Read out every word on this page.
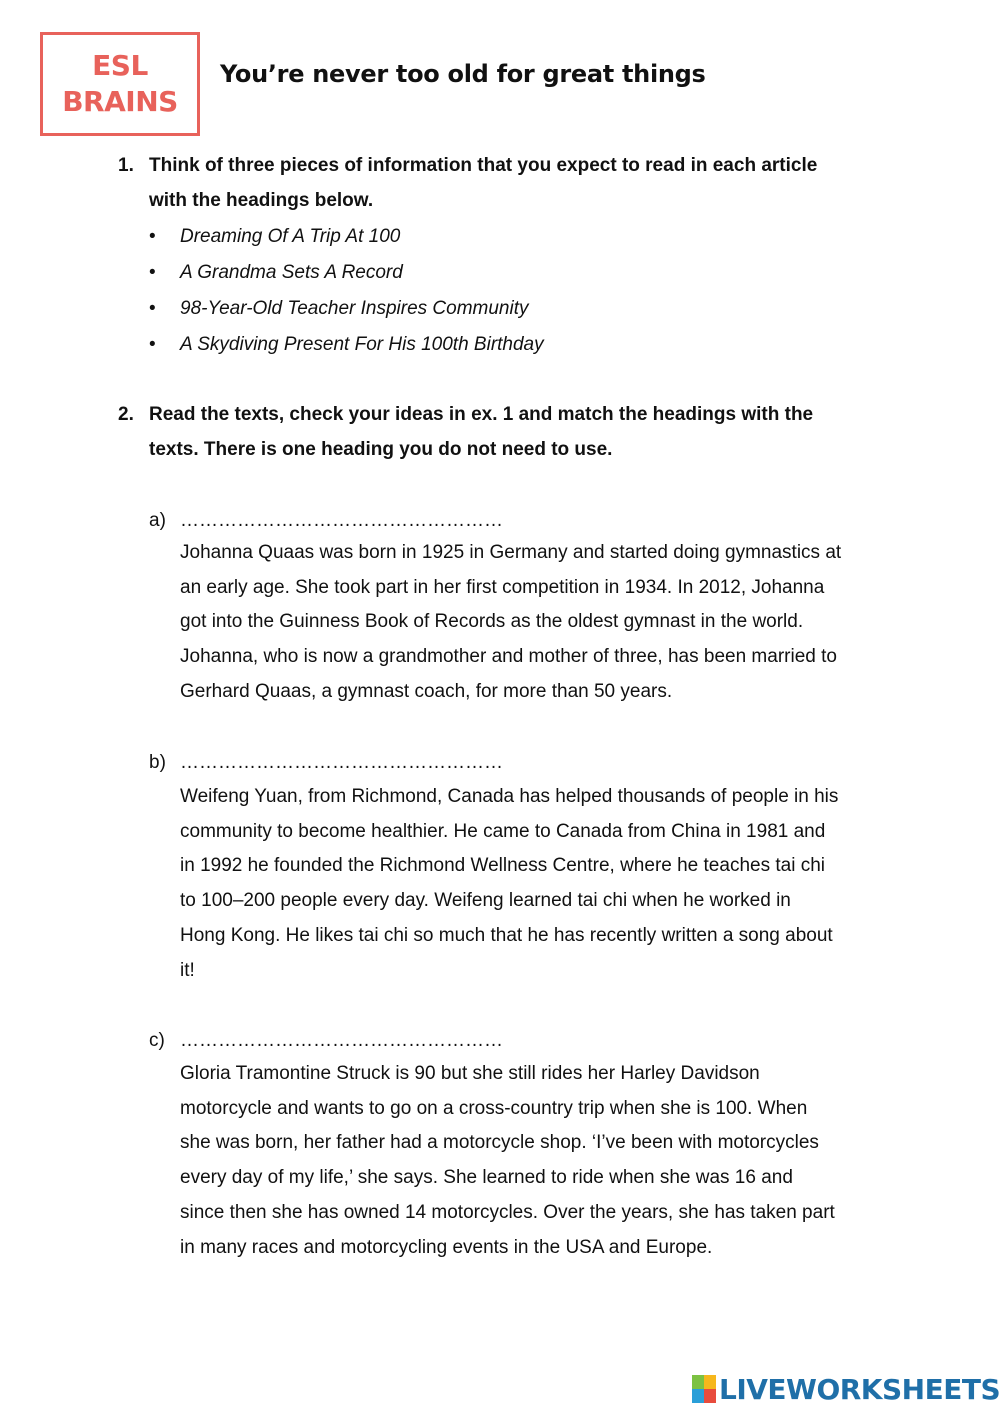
ESL
BRAINS
You’re never too old for great things
1. Think of three pieces of information that you expect to read in each article
with the headings below.
• Dreaming Of A Trip At 100
• A Grandma Sets A Record
• 98-Year-Old Teacher Inspires Community
• A Skydiving Present For His 100th Birthday
2. Read the texts, check your ideas in ex. 1 and match the headings with the
texts. There is one heading you do not need to use.
a) ……………………………………………
Johanna Quaas was born in 1925 in Germany and started doing gymnastics at
an early age. She took part in her first competition in 1934. In 2012, Johanna
got into the Guinness Book of Records as the oldest gymnast in the world.
Johanna, who is now a grandmother and mother of three, has been married to
Gerhard Quaas, a gymnast coach, for more than 50 years.
b) ……………………………………………
Weifeng Yuan, from Richmond, Canada has helped thousands of people in his
community to become healthier. He came to Canada from China in 1981 and
in 1992 he founded the Richmond Wellness Centre, where he teaches tai chi
to 100–200 people every day. Weifeng learned tai chi when he worked in
Hong Kong. He likes tai chi so much that he has recently written a song about
it!
c) ……………………………………………
Gloria Tramontine Struck is 90 but she still rides her Harley Davidson
motorcycle and wants to go on a cross-country trip when she is 100. When
she was born, her father had a motorcycle shop. ‘I’ve been with motorcycles
every day of my life,’ she says. She learned to ride when she was 16 and
since then she has owned 14 motorcycles. Over the years, she has taken part
in many races and motorcycling events in the USA and Europe.
LIVEWORKSHEETS
